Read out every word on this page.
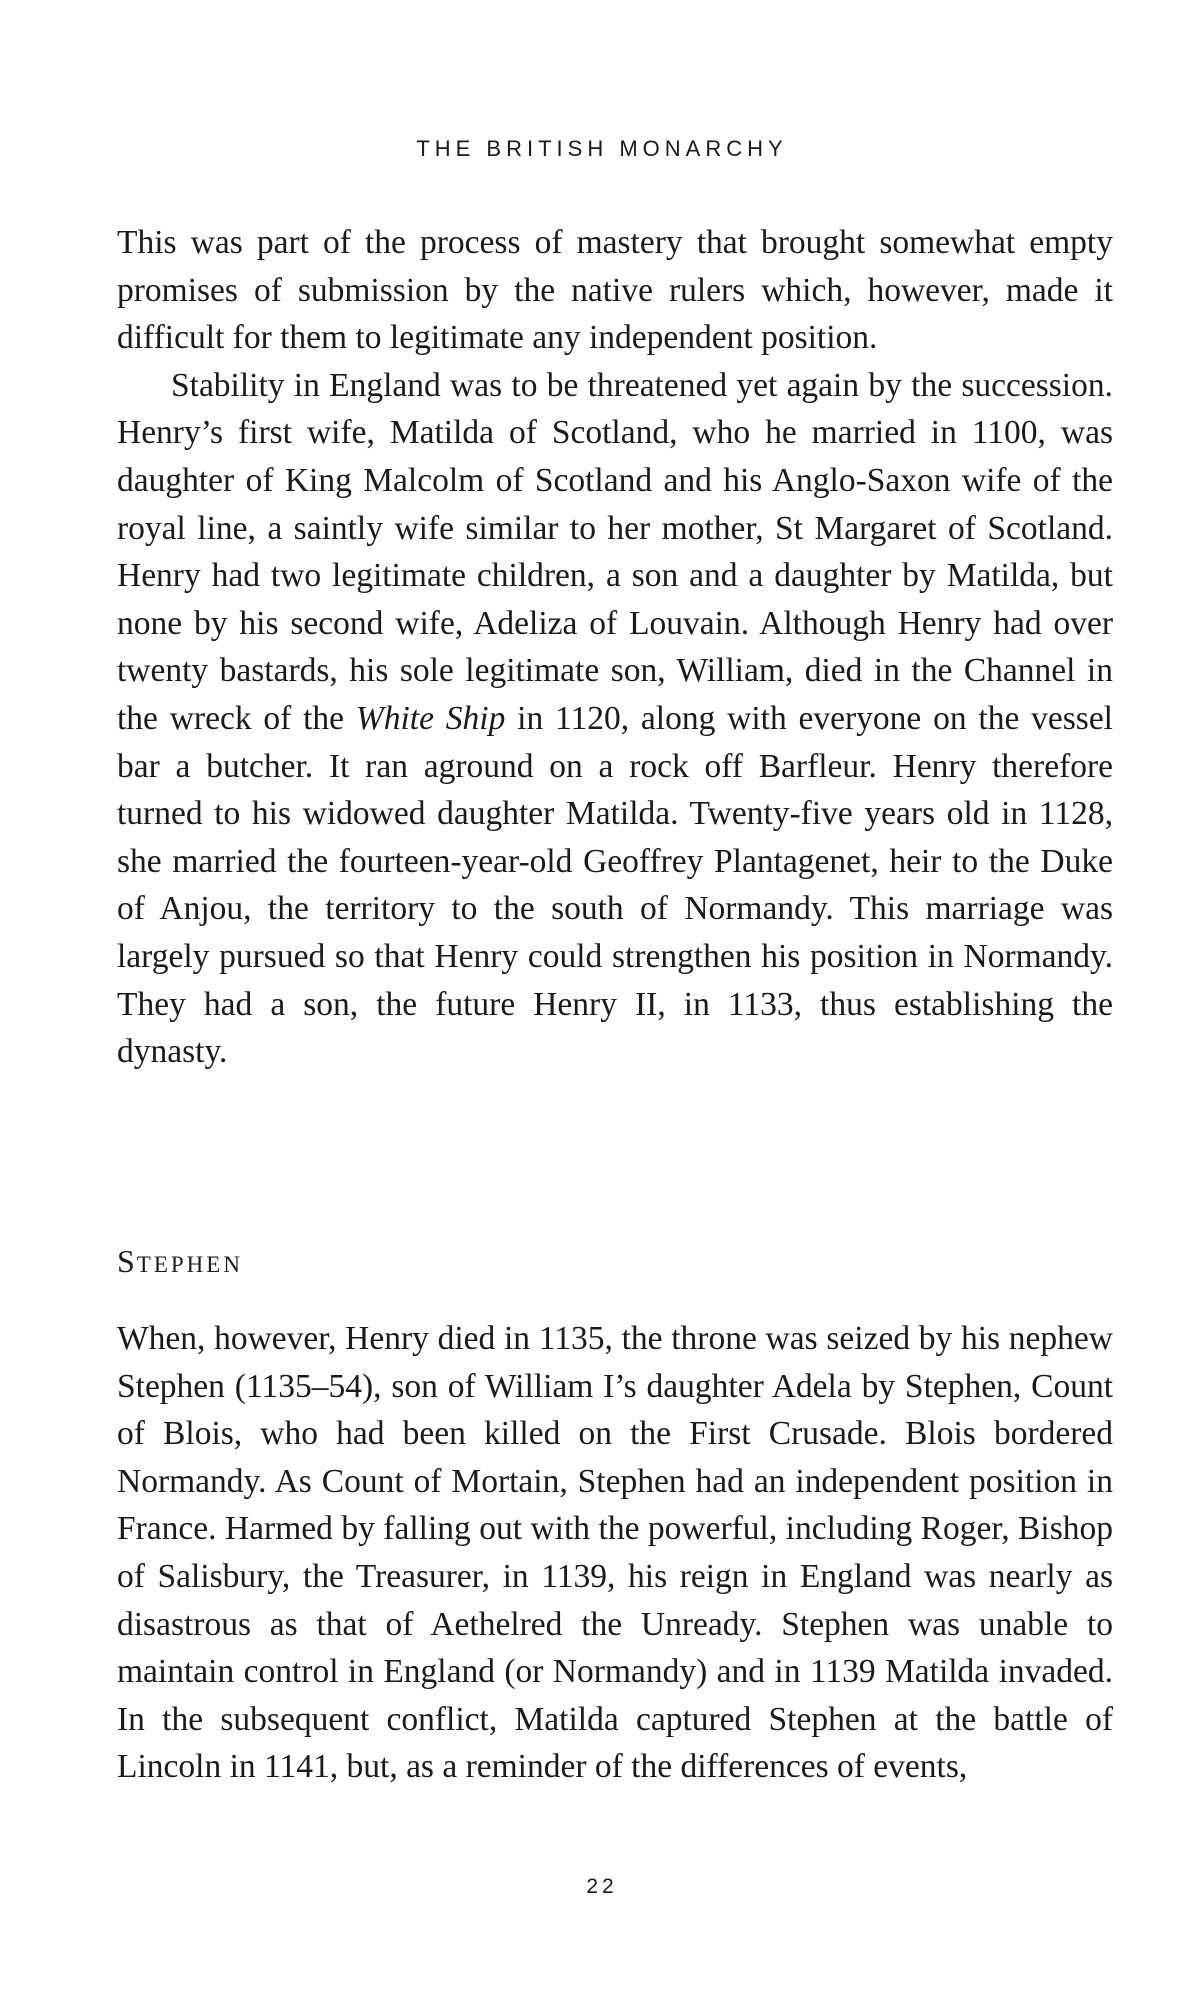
THE BRITISH MONARCHY

This was part of the process of mastery that brought somewhat empty promises of submission by the native rulers which, however, made it difficult for them to legitimate any independent position.

Stability in England was to be threatened yet again by the succession. Henry’s first wife, Matilda of Scotland, who he married in 1100, was daughter of King Malcolm of Scotland and his Anglo-Saxon wife of the royal line, a saintly wife similar to her mother, St Margaret of Scotland. Henry had two legitimate children, a son and a daughter by Matilda, but none by his second wife, Adeliza of Louvain. Although Henry had over twenty bastards, his sole legitimate son, William, died in the Channel in the wreck of the White Ship in 1120, along with everyone on the vessel bar a butcher. It ran aground on a rock off Barfleur. Henry therefore turned to his widowed daughter Matilda. Twenty-five years old in 1128, she married the fourteen-year-old Geoffrey Plantagenet, heir to the Duke of Anjou, the territory to the south of Normandy. This marriage was largely pursued so that Henry could strengthen his position in Normandy. They had a son, the future Henry II, in 1133, thus establishing the dynasty.

STEPHEN

When, however, Henry died in 1135, the throne was seized by his nephew Stephen (1135–54), son of William I’s daughter Adela by Stephen, Count of Blois, who had been killed on the First Crusade. Blois bordered Normandy. As Count of Mortain, Stephen had an independent position in France. Harmed by falling out with the powerful, including Roger, Bishop of Salisbury, the Treasurer, in 1139, his reign in England was nearly as disastrous as that of Aethelred the Unready. Stephen was unable to maintain control in England (or Normandy) and in 1139 Matilda invaded. In the subsequent conflict, Matilda captured Stephen at the battle of Lincoln in 1141, but, as a reminder of the differences of events,

22
